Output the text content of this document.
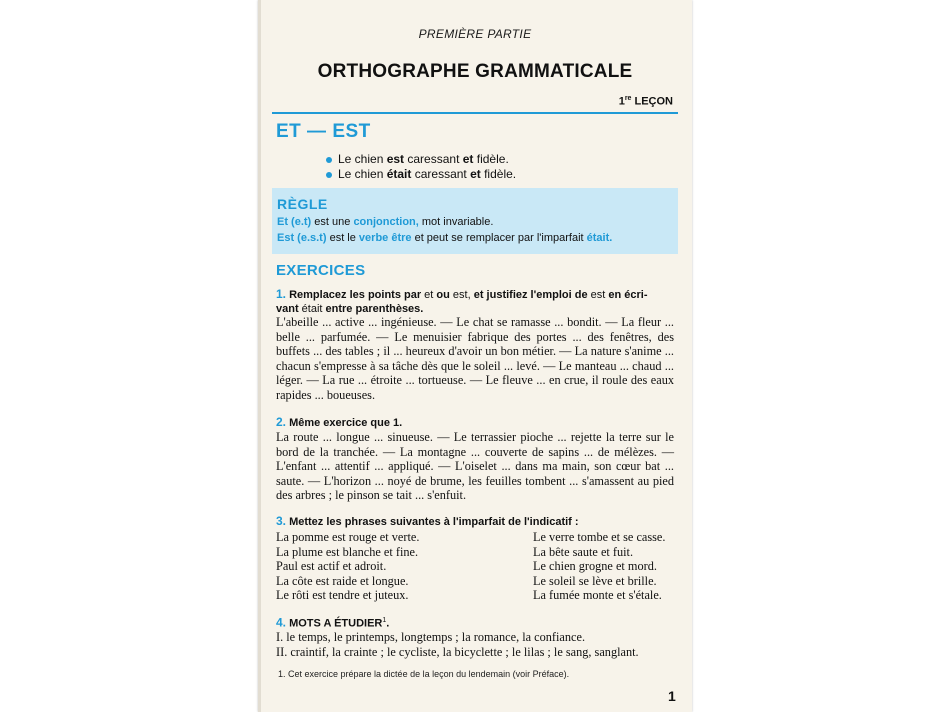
PREMIÈRE PARTIE
ORTHOGRAPHE GRAMMATICALE
1re LEÇON
ET — EST
Le chien est caressant et fidèle.
Le chien était caressant et fidèle.
RÈGLE
Et (e.t) est une conjonction, mot invariable.
Est (e.s.t) est le verbe être et peut se remplacer par l'imparfait était.
EXERCICES
1. Remplacez les points par et ou est, et justifiez l'emploi de est en écri-
vant était entre parenthèses.
L'abeille ... active ... ingénieuse. — Le chat se ramasse ... bondit. — La fleur ... belle ... parfumée. — Le menuisier fabrique des portes ... des fenêtres, des buffets ... des tables ; il ... heureux d'avoir un bon métier. — La nature s'anime ... chacun s'empresse à sa tâche dès que le soleil ... levé. — Le manteau ... chaud ... léger. — La rue ... étroite ... tortueuse. — Le fleuve ... en crue, il roule des eaux rapides ... boueuses.
2. Même exercice que 1.
La route ... longue ... sinueuse. — Le terrassier pioche ... rejette la terre sur le bord de la tranchée. — La montagne ... couverte de sapins ... de mélèzes. — L'enfant ... attentif ... appliqué. — L'oiselet ... dans ma main, son cœur bat ... saute. — L'horizon ... noyé de brume, les feuilles tombent ... s'amassent au pied des arbres ; le pinson se tait ... s'enfuit.
3. Mettez les phrases suivantes à l'imparfait de l'indicatif :
La pomme est rouge et verte.
La plume est blanche et fine.
Paul est actif et adroit.
La côte est raide et longue.
Le rôti est tendre et juteux.
Le verre tombe et se casse.
La bête saute et fuit.
Le chien grogne et mord.
Le soleil se lève et brille.
La fumée monte et s'étale.
4. MOTS A ÉTUDIER$^1$.
I. le temps, le printemps, longtemps ; la romance, la confiance.
II. craintif, la crainte ; le cycliste, la bicyclette ; le lilas ; le sang, sanglant.
1. Cet exercice prépare la dictée de la leçon du lendemain (voir Préface).
1
